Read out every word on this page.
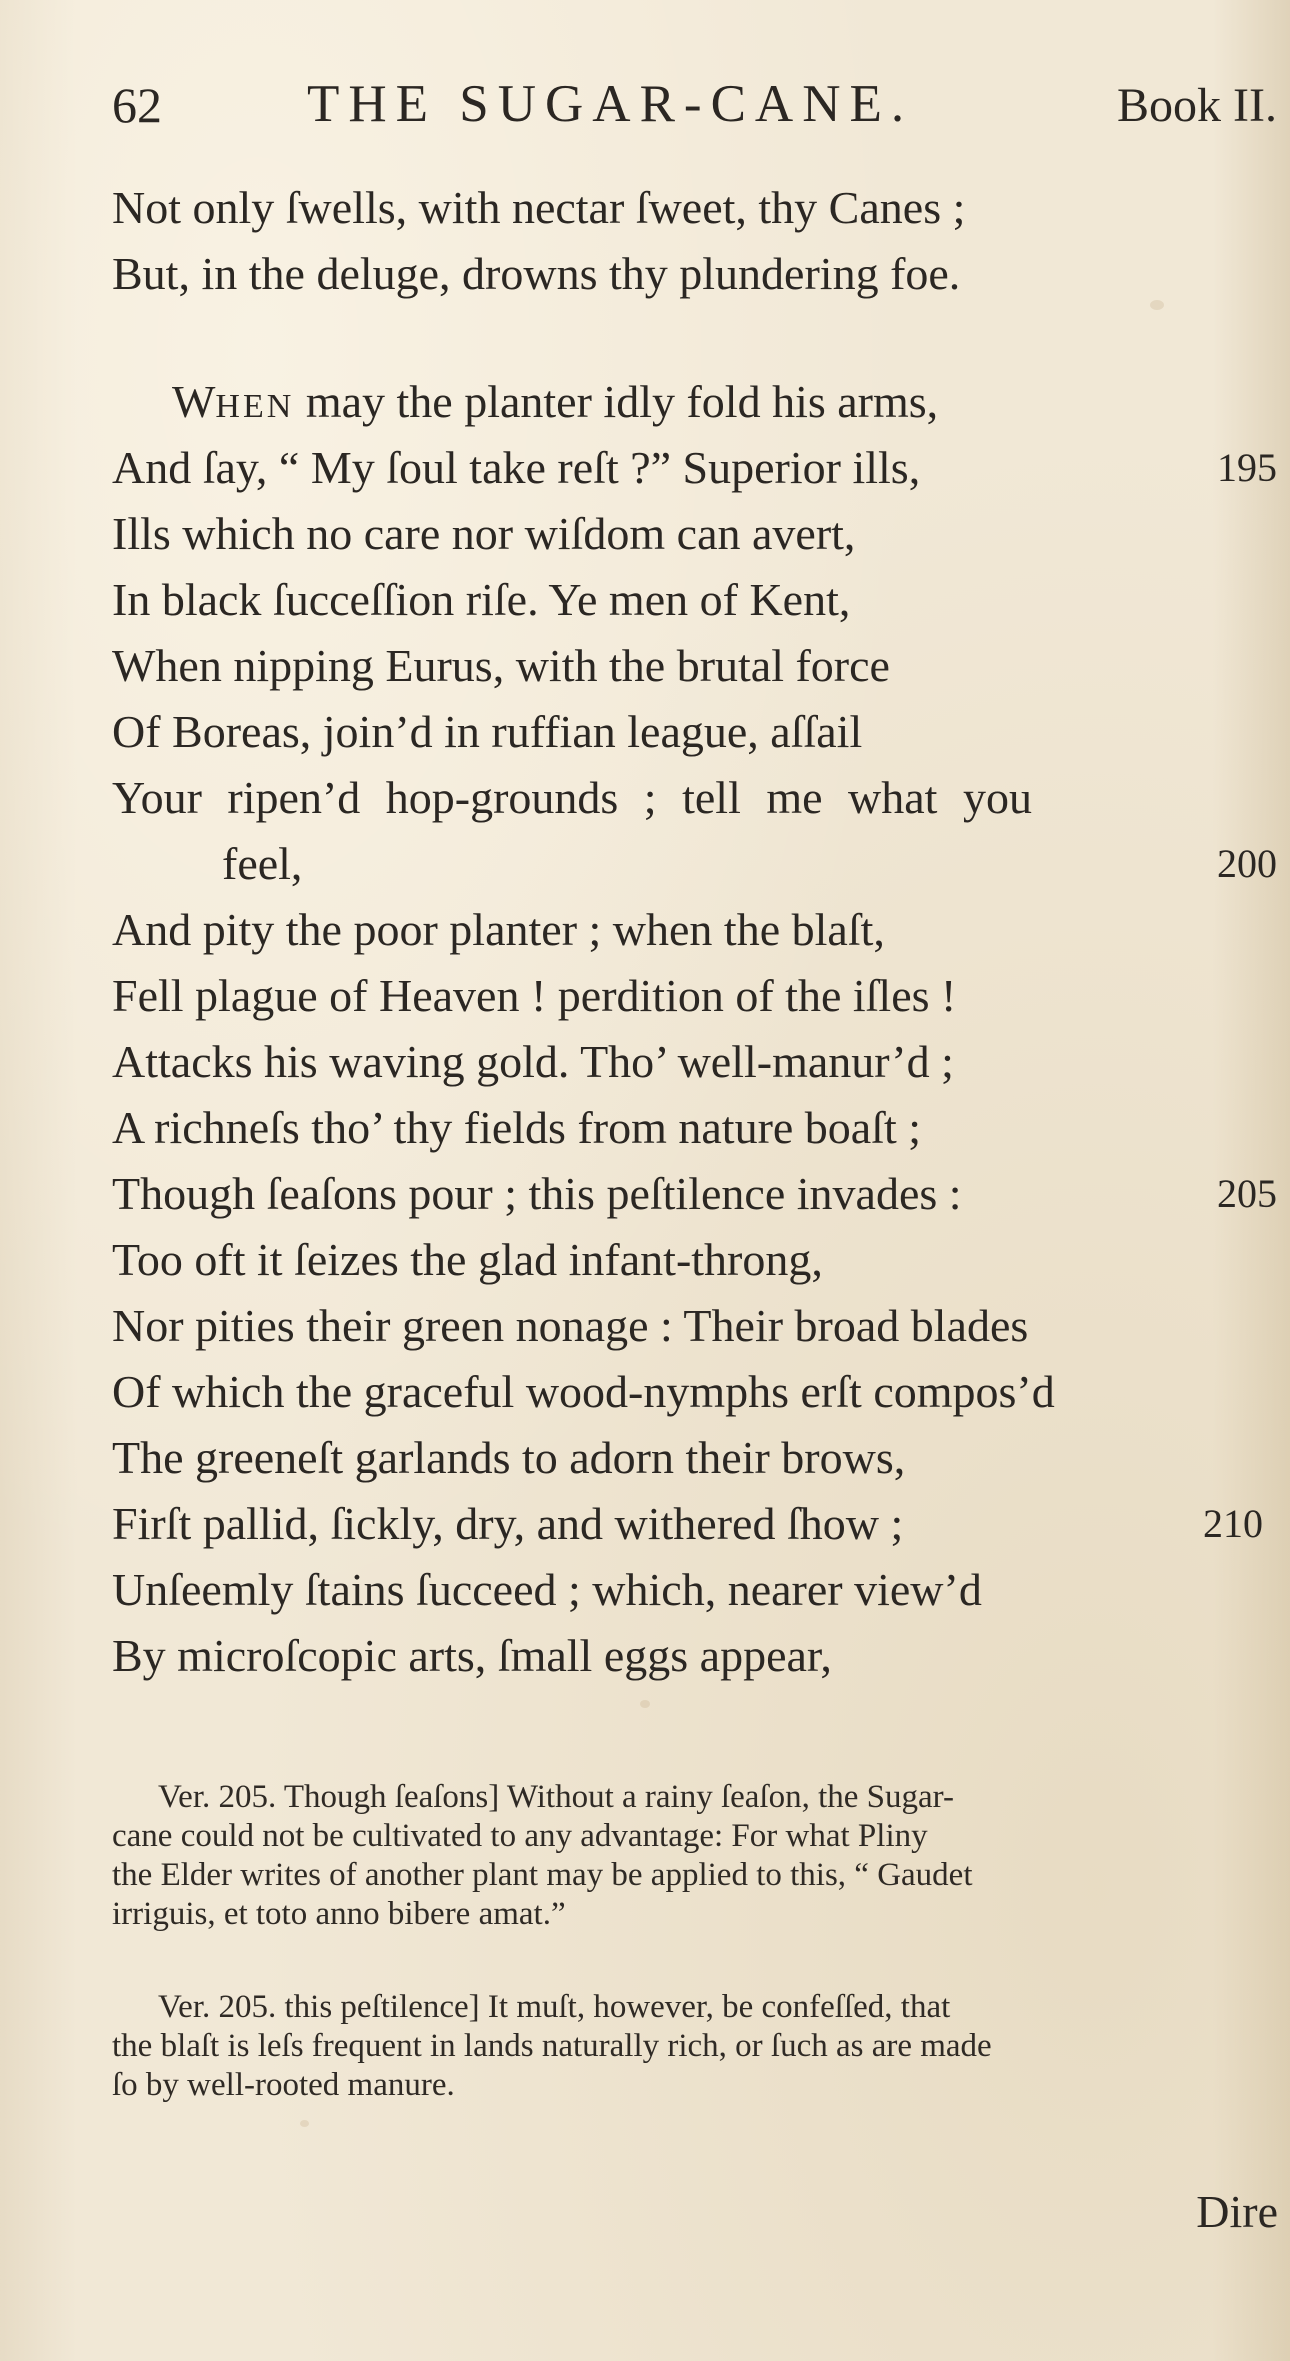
62	THE SUGAR-CANE.	Book II.
Not only ſwells, with nectar ſweet, thy Canes ;
But, in the deluge, drowns thy plundering foe.
WHEN may the planter idly fold his arms,
And ſay, “ My ſoul take reſt ?” Superior ills,	195
Ills which no care nor wiſdom can avert,
In black ſucceſſion riſe. Ye men of Kent,
When nipping Eurus, with the brutal force
Of Boreas, join’d in ruffian league, aſſail
Your ripen’d hop-grounds ; tell me what you
feel,	200
And pity the poor planter ; when the blaſt,
Fell plague of Heaven ! perdition of the iſles !
Attacks his waving gold. Tho’ well-manur’d ;
A richneſs tho’ thy fields from nature boaſt ;
Though ſeaſons pour ; this peſtilence invades :	205
Too oft it ſeizes the glad infant-throng,
Nor pities their green nonage : Their broad blades
Of which the graceful wood-nymphs erſt compos’d
The greeneſt garlands to adorn their brows,
Firſt pallid, ſickly, dry, and withered ſhow ;	210
Unſeemly ſtains ſucceed ; which, nearer view’d
By microſcopic arts, ſmall eggs appear,
Ver. 205. Though ſeaſons] Without a rainy ſeaſon, the Sugar-
cane could not be cultivated to any advantage: For what Pliny
the Elder writes of another plant may be applied to this, “ Gaudet
irriguis, et toto anno bibere amat.”
Ver. 205. this peſtilence] It muſt, however, be confeſſed, that
the blaſt is leſs frequent in lands naturally rich, or ſuch as are made
ſo by well-rooted manure.
Dire
